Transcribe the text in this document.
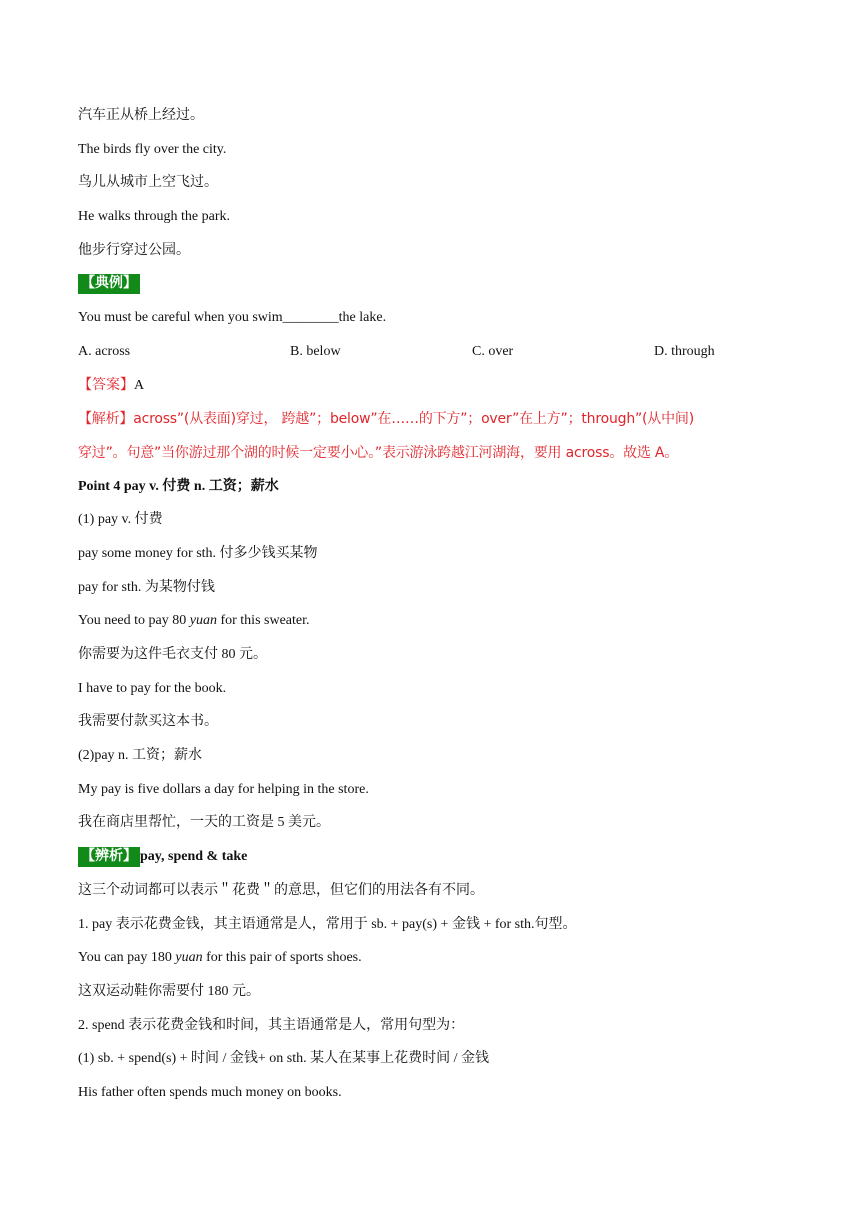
汽车正从桥上经过。
The birds fly over the city.
鸟儿从城市上空飞过。
He walks through the park.
他步行穿过公园。
【典例】
You must be careful when you swim________the lake.
A. across	B. below	C. over	D. through
【答案】A
【解析】across”(从表面)穿过， 跨越”；below”在……的下方”；over”在上方”；through”(从中间)
穿过”。句意”当你游过那个湖的时候一定要小心。”表示游泳跨越江河湖海，要用 across。故选 A。
Point 4 pay v. 付费 n. 工资；薪水
(1) pay v. 付费
pay some money for sth. 付多少钱买某物
pay for sth. 为某物付钱
You need to pay 80 yuan for this sweater.
你需要为这件毛衣支付 80 元。
I have to pay for the book.
我需要付款买这本书。
(2)pay n. 工资；薪水
My pay is five dollars a day for helping in the store.
我在商店里帮忙，一天的工资是 5 美元。
【辨析】 pay, spend & take
这三个动词都可以表示＂花费＂的意思，但它们的用法各有不同。
1. pay 表示花费金钱，其主语通常是人，常用于 sb. + pay(s) + 金钱 + for sth.句型。
You can pay 180 yuan for this pair of sports shoes.
这双运动鞋你需要付 180 元。
2. spend 表示花费金钱和时间，其主语通常是人，常用句型为：
(1) sb. + spend(s) + 时间 / 金钱+ on sth. 某人在某事上花费时间 / 金钱
His father often spends much money on books.
